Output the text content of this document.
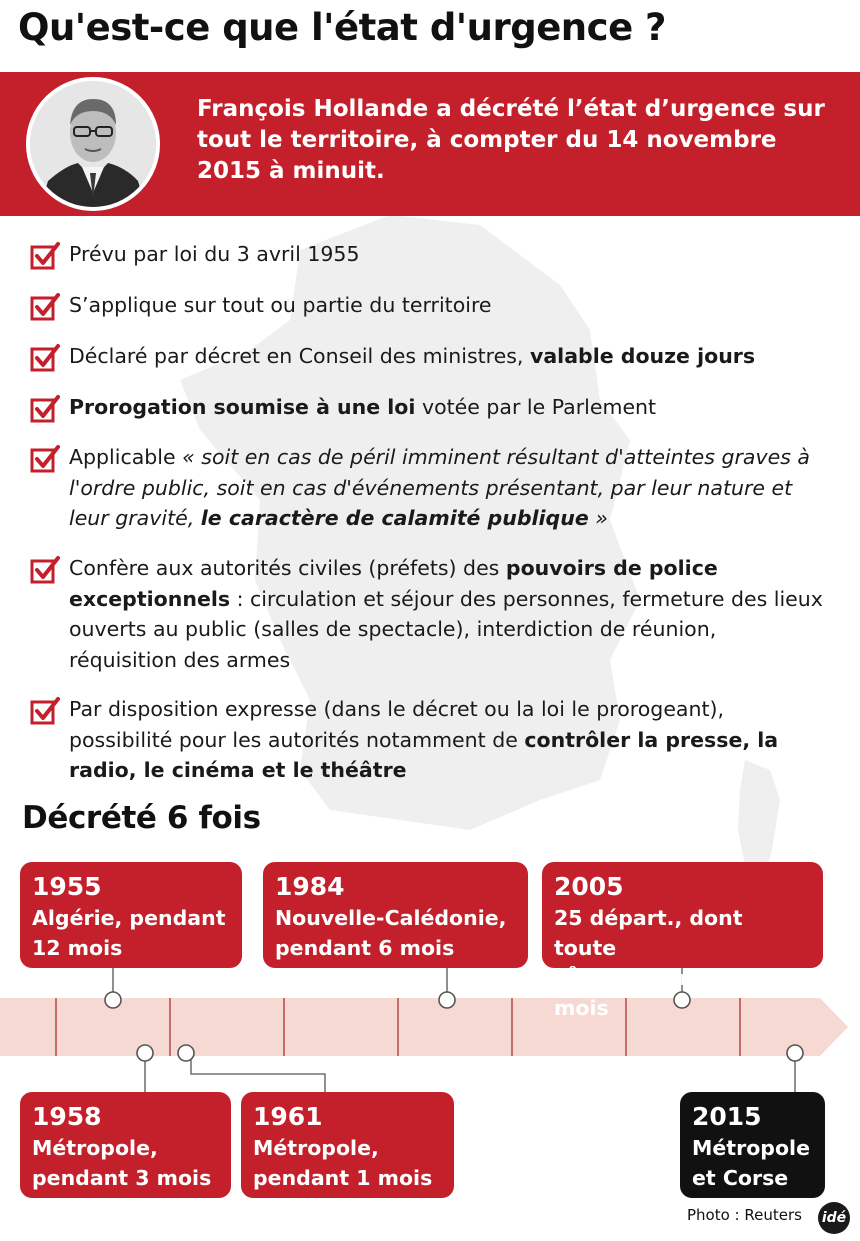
Qu'est-ce que l'état d'urgence ?

François Hollande a décrété l’état d’urgence sur tout le territoire, à compter du 14 novembre 2015 à minuit.

Prévu par loi du 3 avril 1955

S’applique sur tout ou partie du territoire

Déclaré par décret en Conseil des ministres, valable douze jours

Prorogation soumise à une loi votée par le Parlement

Applicable « soit en cas de péril imminent résultant d'atteintes graves à l'ordre public, soit en cas d'événements présentant, par leur nature et leur gravité, le caractère de calamité publique »

Confère aux autorités civiles (préfets) des pouvoirs de police exceptionnels : circulation et séjour des personnes, fermeture des lieux ouverts au public (salles de spectacle), interdiction de réunion, réquisition des armes

Par disposition expresse (dans le décret ou la loi le prorogeant), possibilité pour les autorités notamment de contrôler la presse, la radio, le cinéma et le théâtre

Décrété 6 fois
1955
Algérie, pendant
12 mois
1984
Nouvelle-Calédonie,
pendant 6 mois
2005
25 départ., dont toute
l’Île-de-France, 2 mois
1958
Métropole,
pendant 3 mois
1961
Métropole,
pendant 1 mois
2015
Métropole
et Corse
Photo : Reuters idé
